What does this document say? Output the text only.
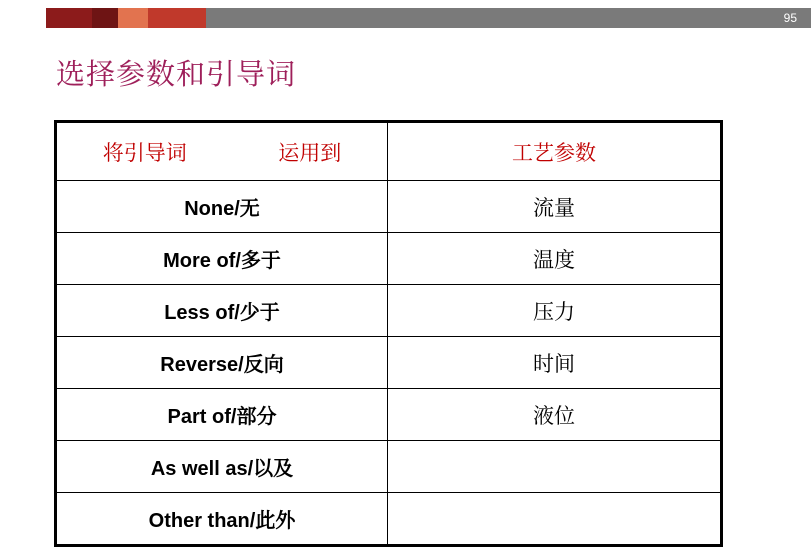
95
选择参数和引导词
将引导词 运用到	工艺参数
None/无	流量
More of/多于	温度
Less of/少于	压力
Reverse/反向	时间
Part of/部分	液位
As well as/以及	
Other than/此外	
